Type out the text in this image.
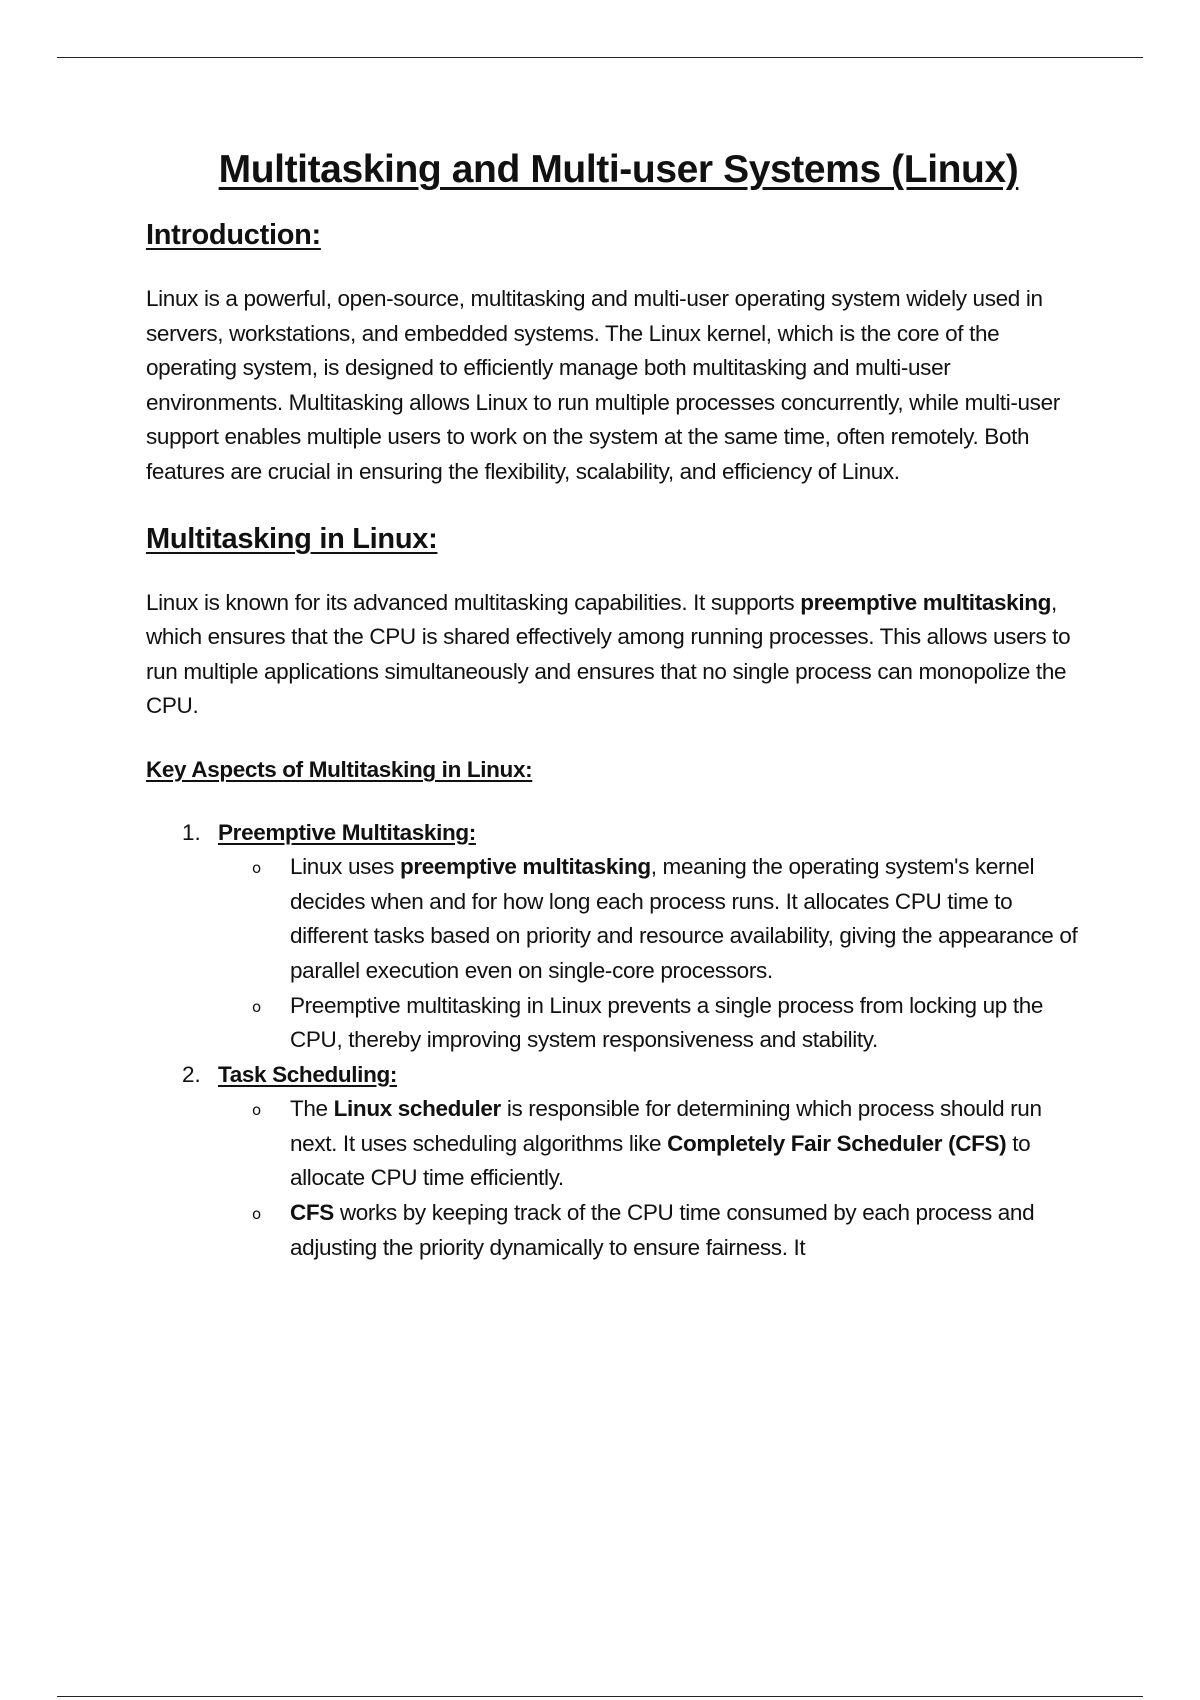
Multitasking and Multi-user Systems (Linux)
Introduction:

Linux is a powerful, open-source, multitasking and multi-user operating system widely used in servers, workstations, and embedded systems. The Linux kernel, which is the core of the operating system, is designed to efficiently manage both multitasking and multi-user environments. Multitasking allows Linux to run multiple processes concurrently, while multi-user support enables multiple users to work on the system at the same time, often remotely. Both features are crucial in ensuring the flexibility, scalability, and efficiency of Linux.

Multitasking in Linux:

Linux is known for its advanced multitasking capabilities. It supports preemptive multitasking, which ensures that the CPU is shared effectively among running processes. This allows users to run multiple applications simultaneously and ensures that no single process can monopolize the CPU.

Key Aspects of Multitasking in Linux:
1. Preemptive Multitasking:
o Linux uses preemptive multitasking, meaning the operating system's kernel decides when and for how long each process runs. It allocates CPU time to different tasks based on priority and resource availability, giving the appearance of parallel execution even on single-core processors.
o Preemptive multitasking in Linux prevents a single process from locking up the CPU, thereby improving system responsiveness and stability.
2. Task Scheduling:
o The Linux scheduler is responsible for determining which process should run next. It uses scheduling algorithms like Completely Fair Scheduler (CFS) to allocate CPU time efficiently.
o CFS works by keeping track of the CPU time consumed by each process and adjusting the priority dynamically to ensure fairness. It
